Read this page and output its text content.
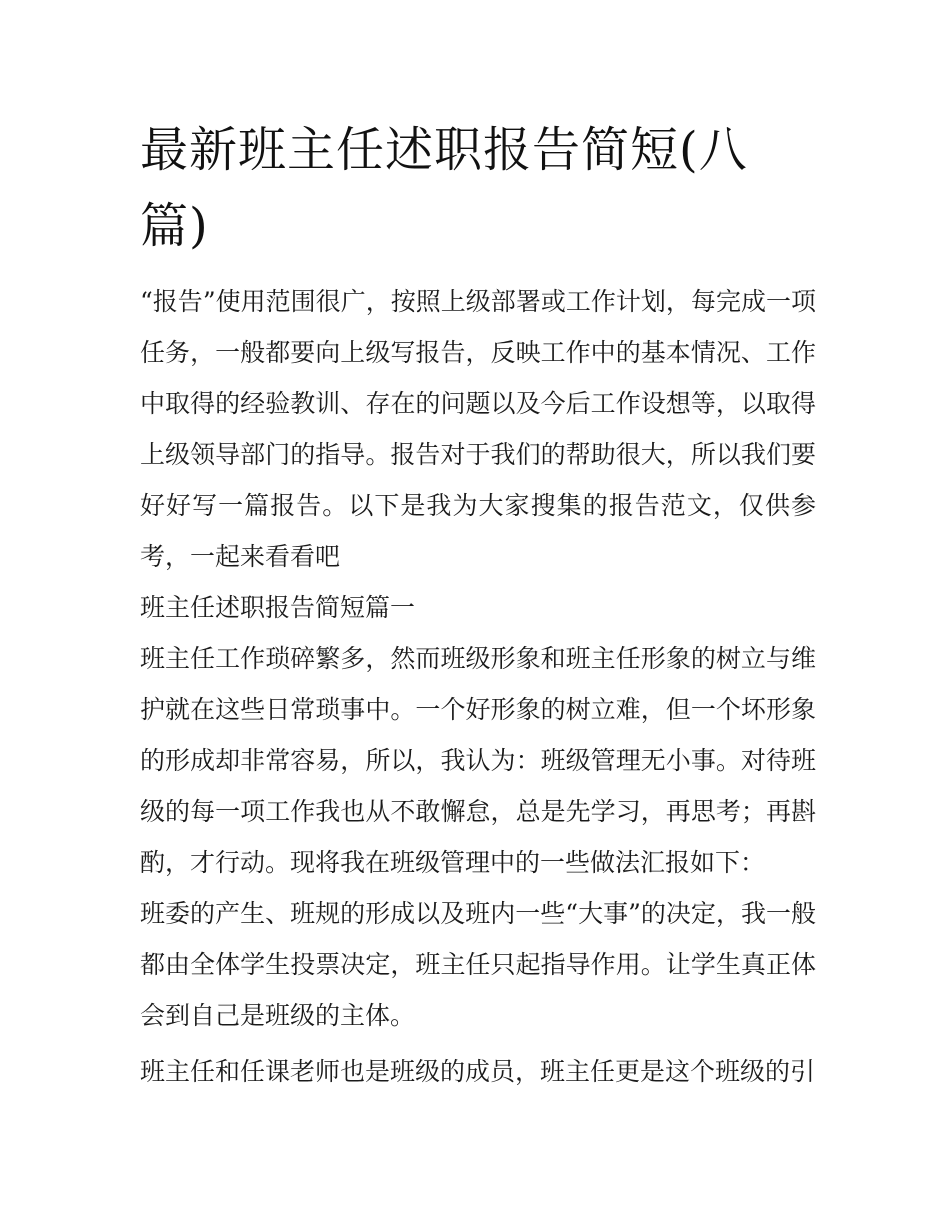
最新班主任述职报告简短(八篇)

“报告”使用范围很广，按照上级部署或工作计划，每完成一项任务，一般都要向上级写报告，反映工作中的基本情况、工作中取得的经验教训、存在的问题以及今后工作设想等，以取得上级领导部门的指导。报告对于我们的帮助很大，所以我们要好好写一篇报告。以下是我为大家搜集的报告范文，仅供参考，一起来看看吧

班主任述职报告简短篇一

班主任工作琐碎繁多，然而班级形象和班主任形象的树立与维护就在这些日常琐事中。一个好形象的树立难，但一个坏形象的形成却非常容易，所以，我认为：班级管理无小事。对待班级的每一项工作我也从不敢懈怠，总是先学习，再思考；再斟酌，才行动。现将我在班级管理中的一些做法汇报如下：

班委的产生、班规的形成以及班内一些“大事”的决定，我一般都由全体学生投票决定，班主任只起指导作用。让学生真正体会到自己是班级的主体。

班主任和任课老师也是班级的成员，班主任更是这个班级的引
